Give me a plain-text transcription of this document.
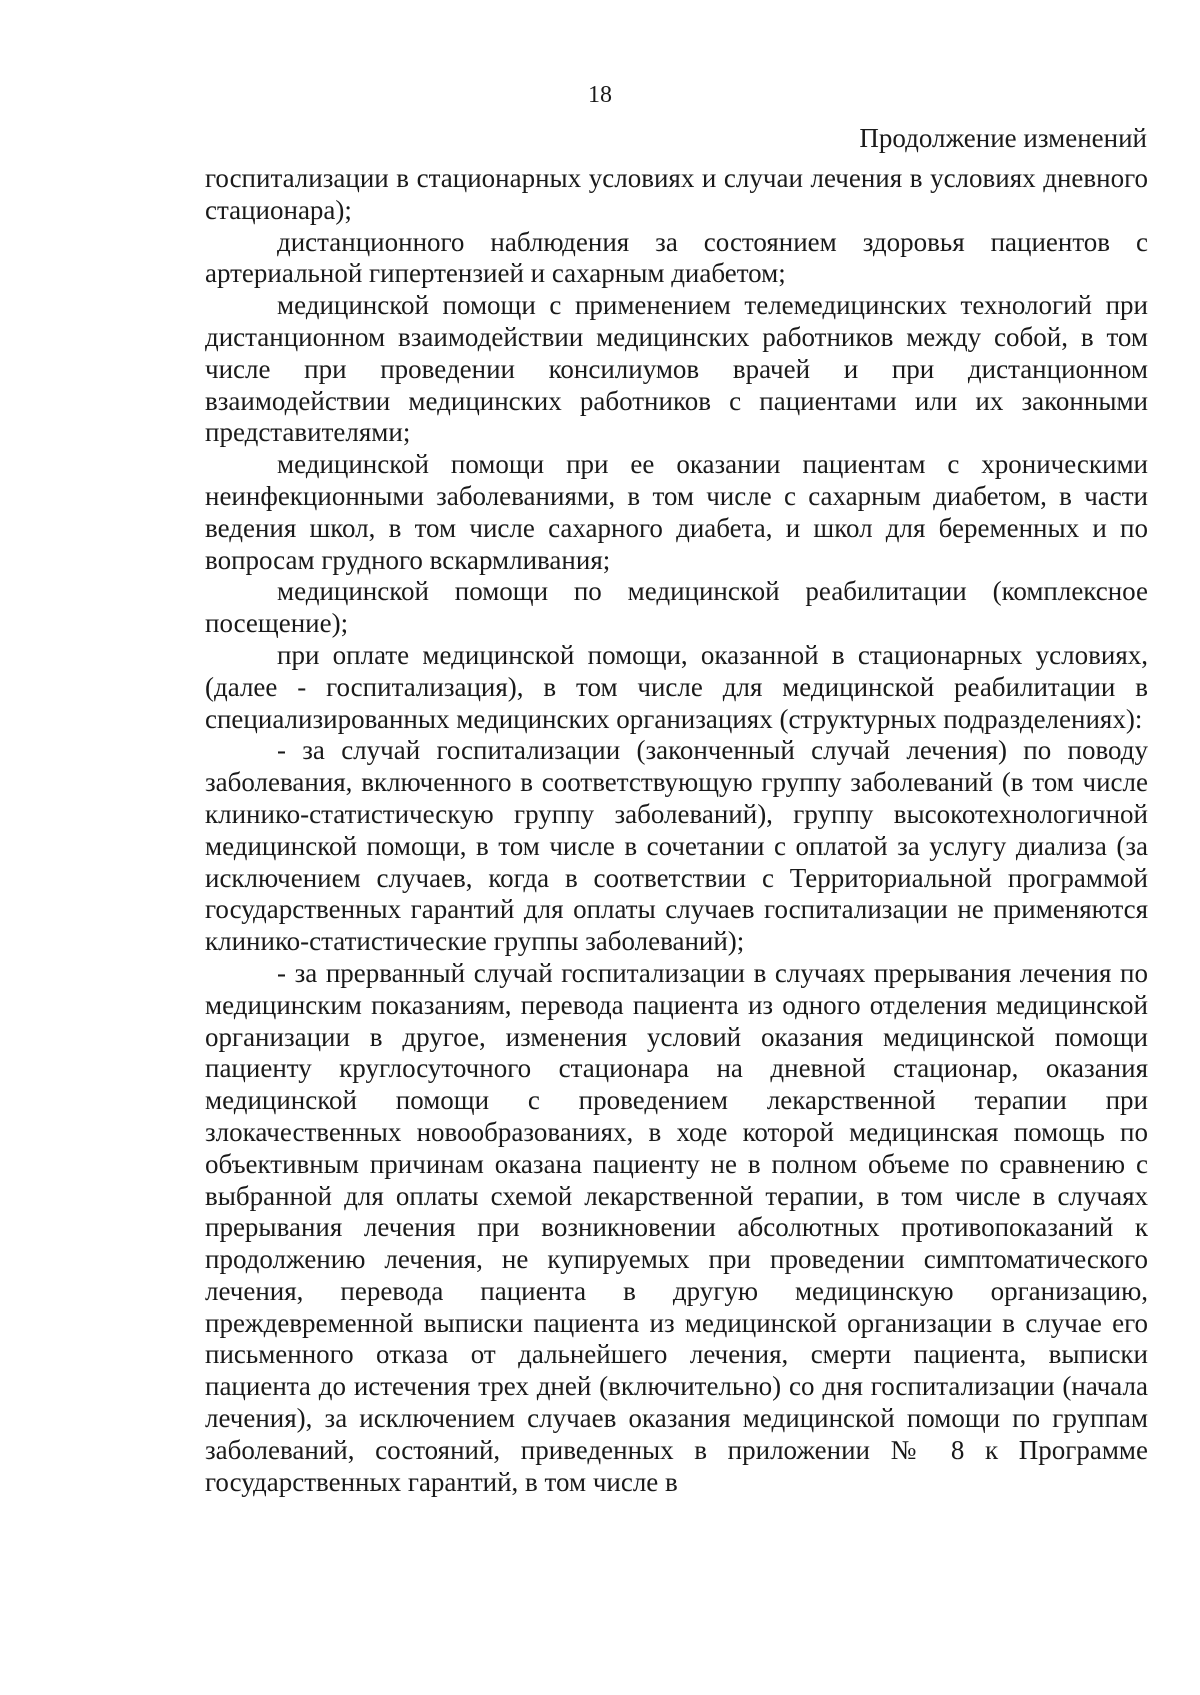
18
Продолжение изменений

госпитализации в стационарных условиях и случаи лечения в условиях дневного стационара);

дистанционного наблюдения за состоянием здоровья пациентов с артериальной гипертензией и сахарным диабетом;

медицинской помощи с применением телемедицинских технологий при дистанционном взаимодействии медицинских работников между собой, в том числе при проведении консилиумов врачей и при дистанционном взаимодействии медицинских работников с пациентами или их законными представителями;

медицинской помощи при ее оказании пациентам с хроническими неинфекционными заболеваниями, в том числе с сахарным диабетом, в части ведения школ, в том числе сахарного диабета, и школ для беременных и по вопросам грудного вскармливания;

медицинской помощи по медицинской реабилитации (комплексное посещение);

при оплате медицинской помощи, оказанной в стационарных условиях, (далее - госпитализация), в том числе для медицинской реабилитации в специализированных медицинских организациях (структурных подразделениях):

- за случай госпитализации (законченный случай лечения) по поводу заболевания, включенного в соответствующую группу заболеваний (в том числе клинико-статистическую группу заболеваний), группу высокотехнологичной медицинской помощи, в том числе в сочетании с оплатой за услугу диализа (за исключением случаев, когда в соответствии с Территориальной программой государственных гарантий для оплаты случаев госпитализации не применяются клинико-статистические группы заболеваний);

- за прерванный случай госпитализации в случаях прерывания лечения по медицинским показаниям, перевода пациента из одного отделения медицинской организации в другое, изменения условий оказания медицинской помощи пациенту круглосуточного стационара на дневной стационар, оказания медицинской помощи с проведением лекарственной терапии при злокачественных новообразованиях, в ходе которой медицинская помощь по объективным причинам оказана пациенту не в полном объеме по сравнению с выбранной для оплаты схемой лекарственной терапии, в том числе в случаях прерывания лечения при возникновении абсолютных противопоказаний к продолжению лечения, не купируемых при проведении симптоматического лечения, перевода пациента в другую медицинскую организацию, преждевременной выписки пациента из медицинской организации в случае его письменного отказа от дальнейшего лечения, смерти пациента, выписки пациента до истечения трех дней (включительно) со дня госпитализации (начала лечения), за исключением случаев оказания медицинской помощи по группам заболеваний, состояний, приведенных в приложении № 8 к Программе государственных гарантий, в том числе в
